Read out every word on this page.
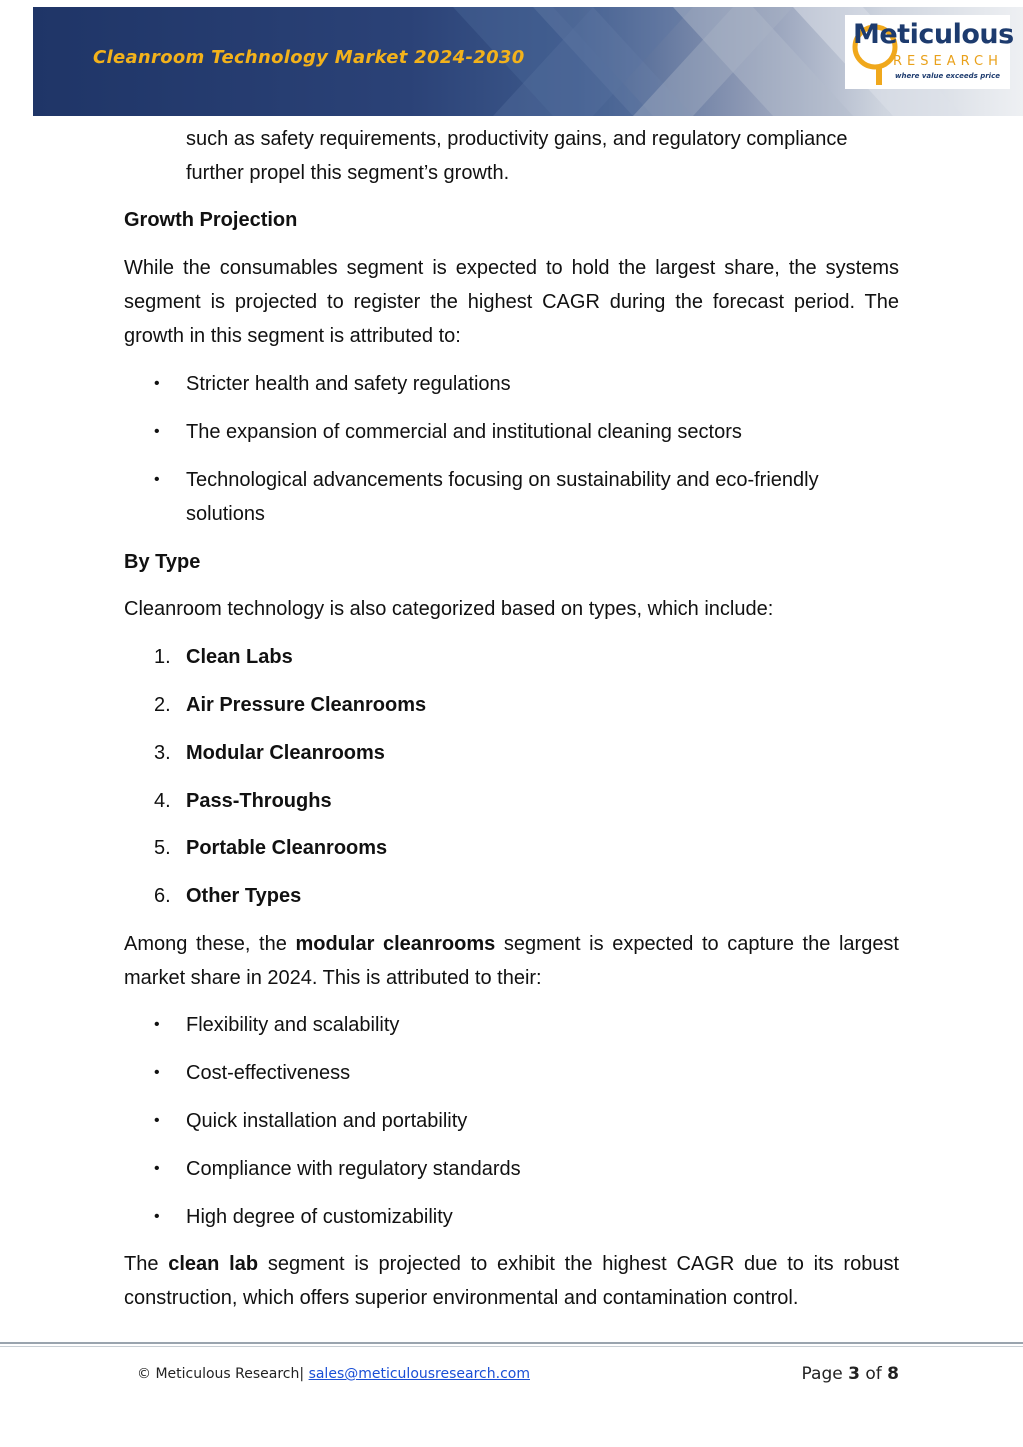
Cleanroom Technology Market 2024-2030
Meticulous
RESEARCH
where value exceeds price
such as safety requirements, productivity gains, and regulatory compliance further propel this segment’s growth.
Growth Projection
While the consumables segment is expected to hold the largest share, the systems segment is projected to register the highest CAGR during the forecast period. The growth in this segment is attributed to:
•	Stricter health and safety regulations
•	The expansion of commercial and institutional cleaning sectors
•	Technological advancements focusing on sustainability and eco-friendly solutions
By Type
Cleanroom technology is also categorized based on types, which include:
1. Clean Labs
2. Air Pressure Cleanrooms
3. Modular Cleanrooms
4. Pass-Throughs
5. Portable Cleanrooms
6. Other Types
Among these, the modular cleanrooms segment is expected to capture the largest market share in 2024. This is attributed to their:
•	Flexibility and scalability
•	Cost-effectiveness
•	Quick installation and portability
•	Compliance with regulatory standards
•	High degree of customizability
The clean lab segment is projected to exhibit the highest CAGR due to its robust construction, which offers superior environmental and contamination control.
© Meticulous Research| sales@meticulousresearch.com	Page 3 of 8
